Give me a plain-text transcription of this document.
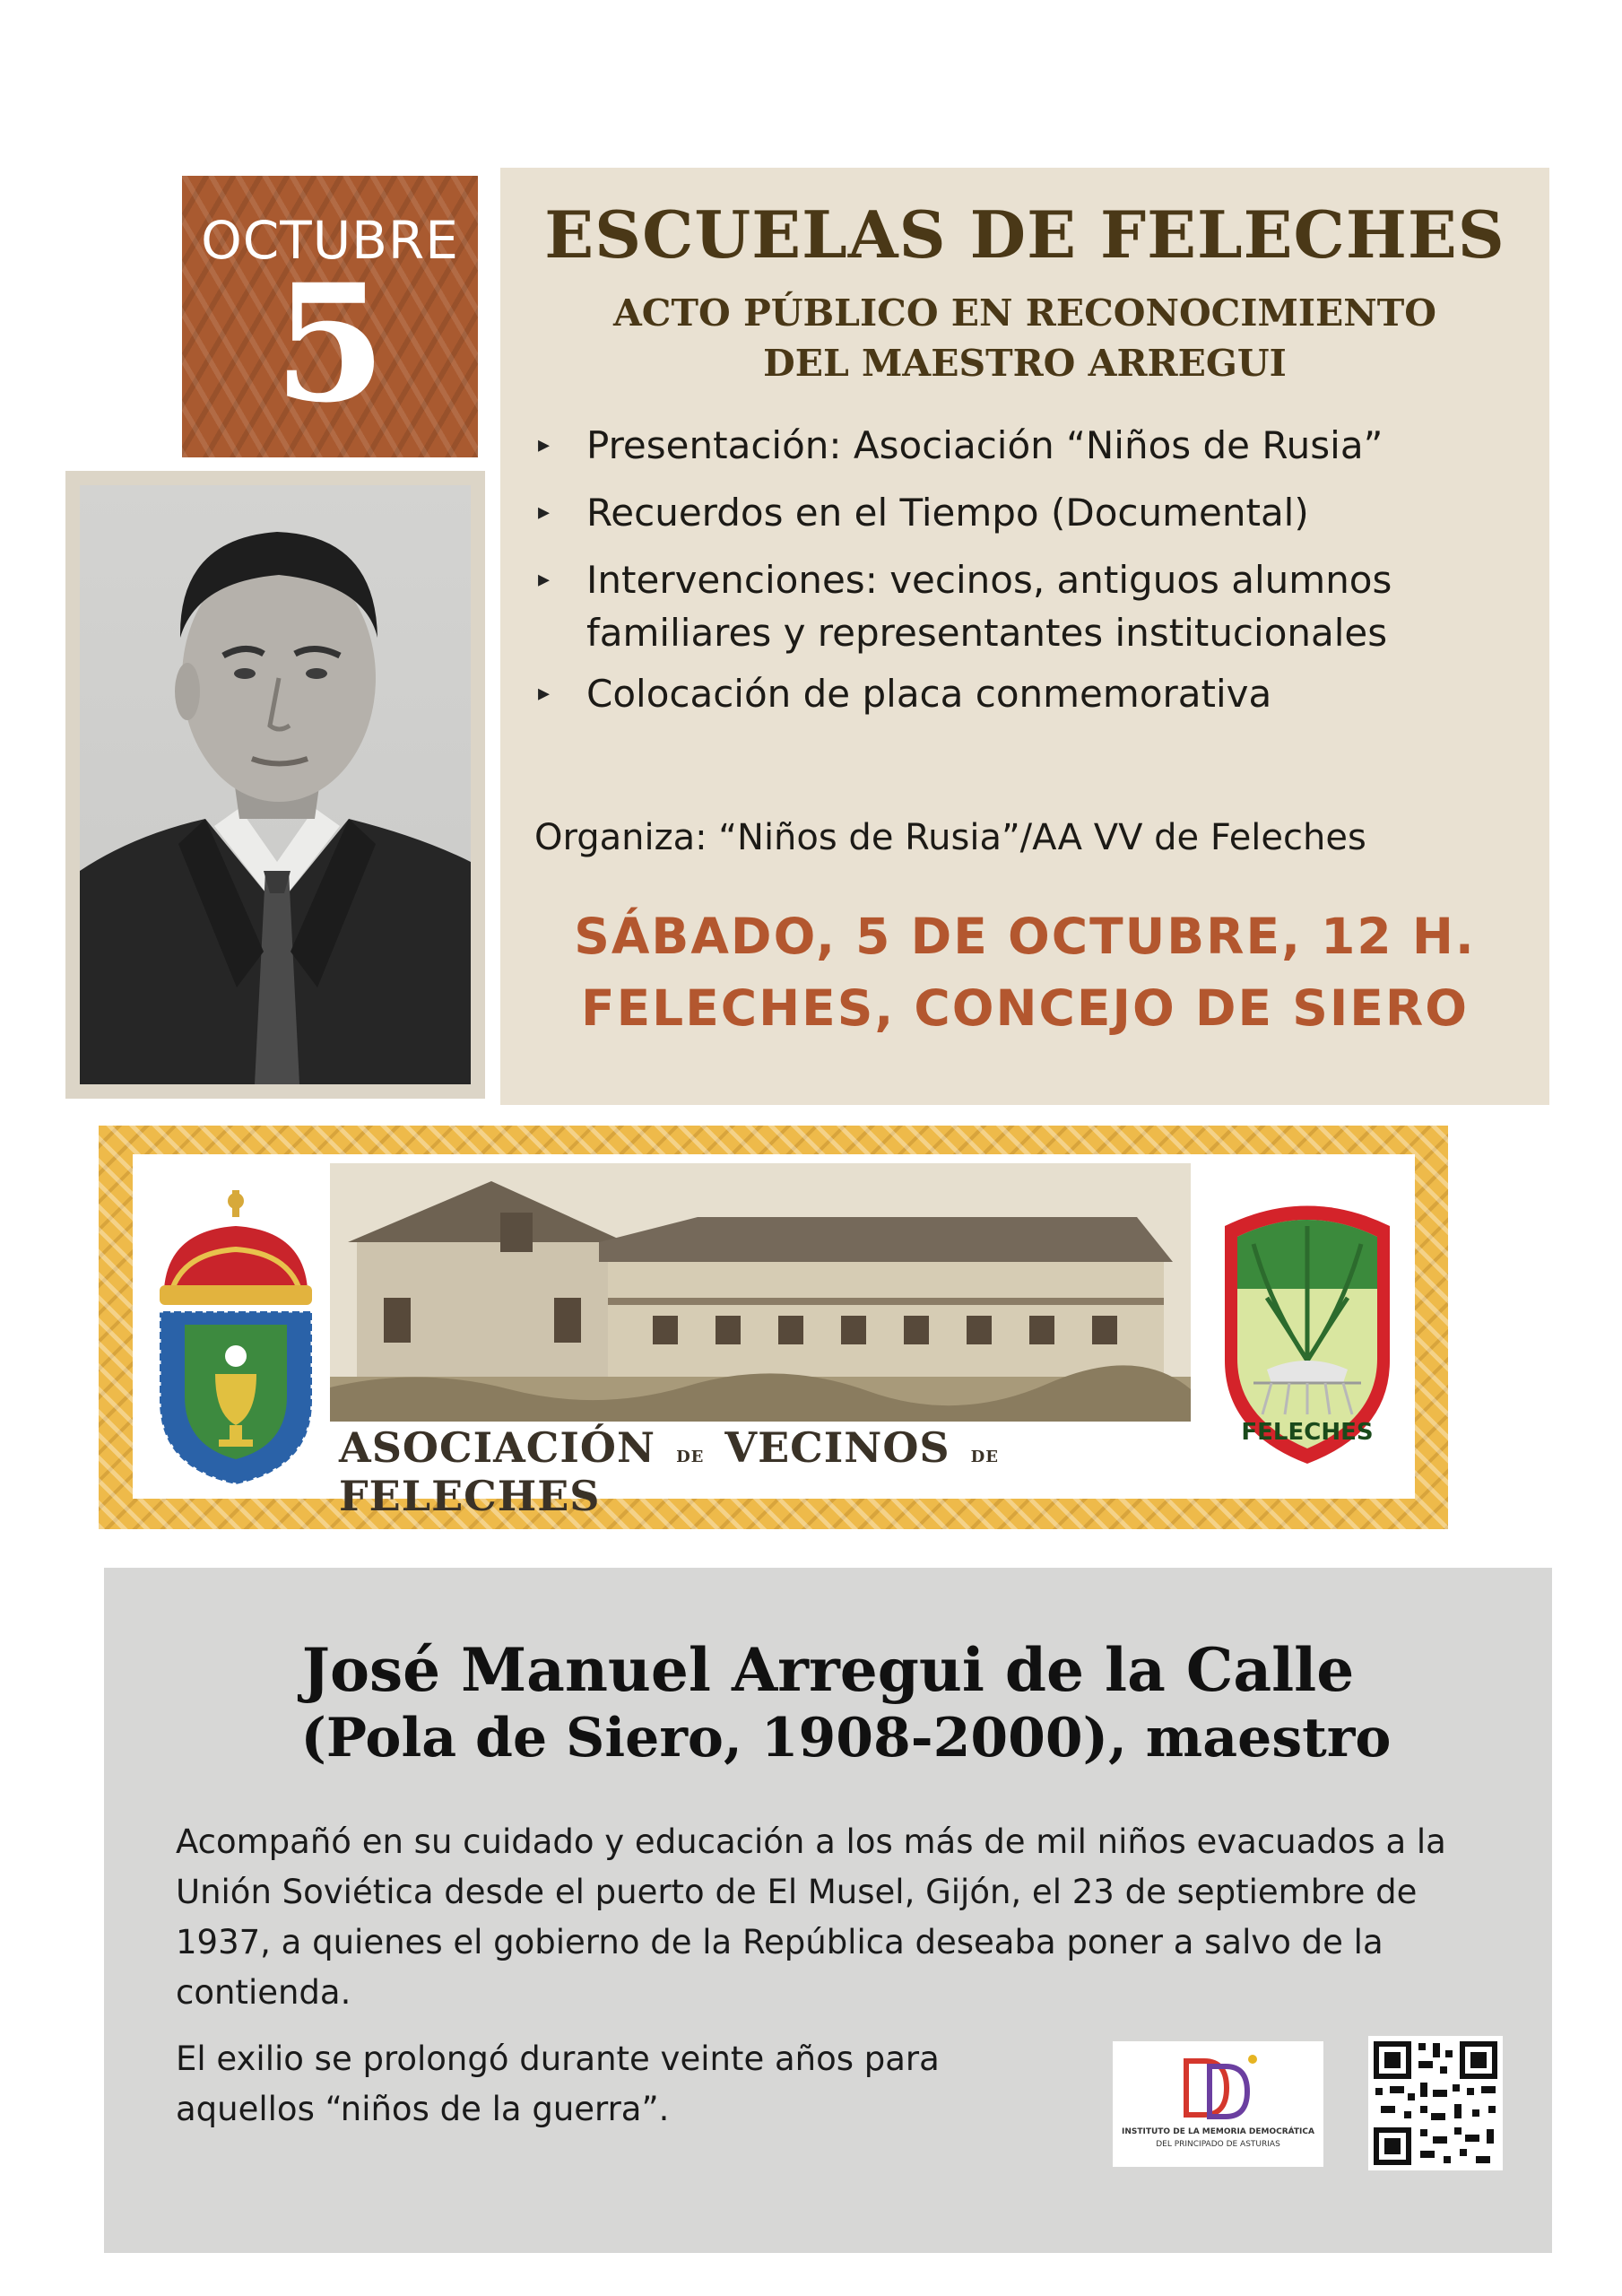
OCTUBRE
5
ESCUELAS DE FELECHES
ACTO PÚBLICO EN RECONOCIMIENTO
DEL MAESTRO ARREGUI
▸ Presentación: Asociación “Niños de Rusia”
▸ Recuerdos en el Tiempo (Documental)
▸ Intervenciones: vecinos, antiguos alumnos
familiares y representantes institucionales
▸ Colocación de placa conmemorativa
Organiza: “Niños de Rusia”/AA VV de Feleches
SÁBADO, 5 DE OCTUBRE, 12 H.
FELECHES, CONCEJO DE SIERO
ASOCIACIÓN DE VECINOS DE FELECHES
FELECHES
José Manuel Arregui de la Calle
(Pola de Siero, 1908-2000), maestro

Acompañó en su cuidado y educación a los más de mil niños evacuados a la Unión Soviética desde el puerto de El Musel, Gijón, el 23 de septiembre de 1937, a quienes el gobierno de la República deseaba poner a salvo de la contienda.

El exilio se prolongó durante veinte años para aquellos “niños de la guerra”.

INSTITUTO DE LA MEMORIA DEMOCRÁTICA
DEL PRINCIPADO DE ASTURIAS
